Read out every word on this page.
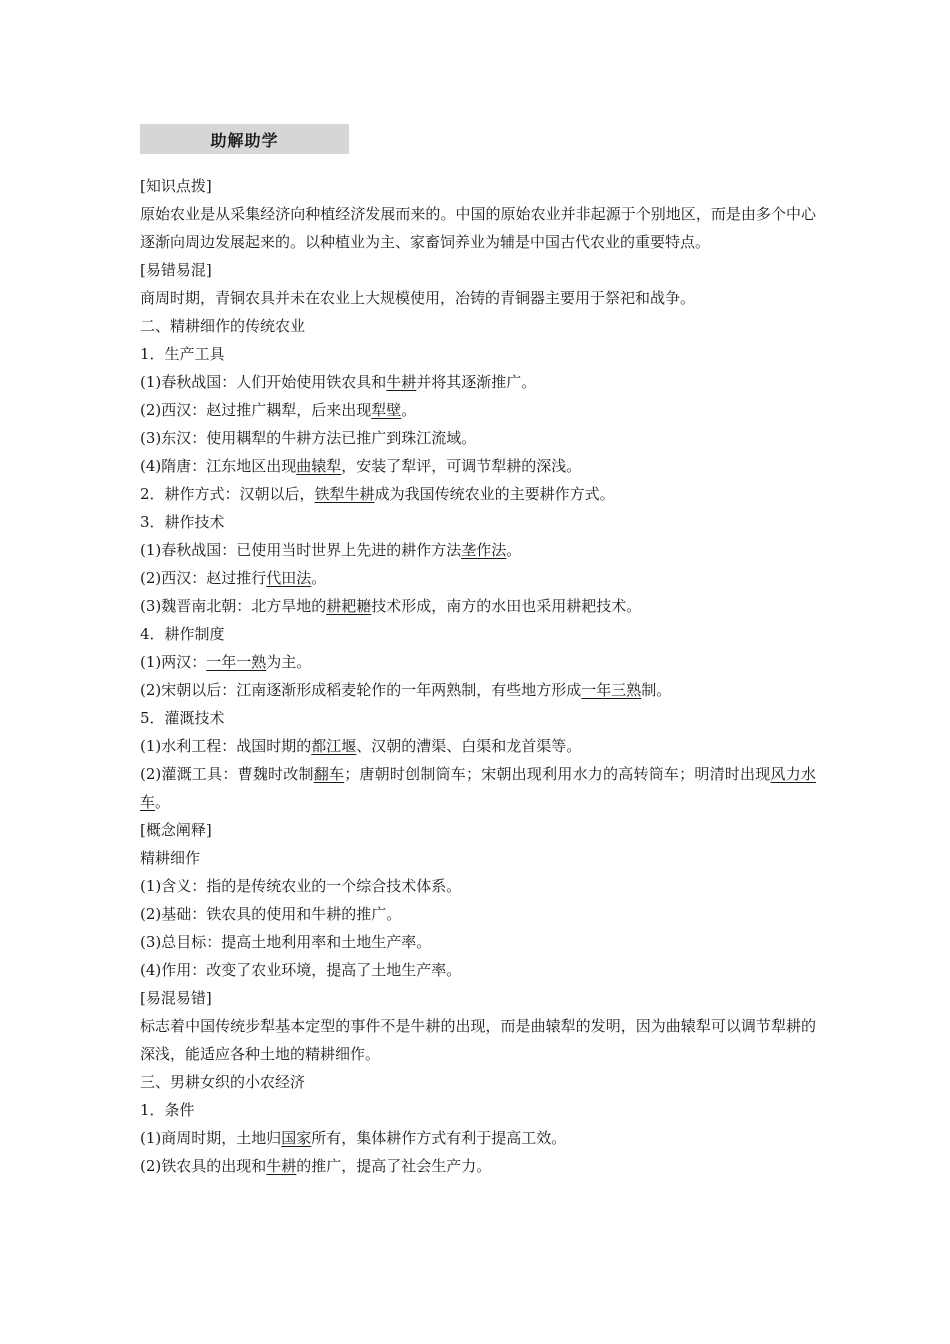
助解助学
[知识点拨]
原始农业是从采集经济向种植经济发展而来的。中国的原始农业并非起源于个别地区，而是由多个中心逐渐向周边发展起来的。以种植业为主、家畜饲养业为辅是中国古代农业的重要特点。
[易错易混]
商周时期，青铜农具并未在农业上大规模使用，冶铸的青铜器主要用于祭祀和战争。
二、精耕细作的传统农业
1．生产工具
(1)春秋战国：人们开始使用铁农具和牛耕并将其逐渐推广。
(2)西汉：赵过推广耦犁，后来出现犁壁。
(3)东汉：使用耦犁的牛耕方法已推广到珠江流域。
(4)隋唐：江东地区出现曲辕犁，安装了犁评，可调节犁耕的深浅。
2．耕作方式：汉朝以后，铁犁牛耕成为我国传统农业的主要耕作方式。
3．耕作技术
(1)春秋战国：已使用当时世界上先进的耕作方法垄作法。
(2)西汉：赵过推行代田法。
(3)魏晋南北朝：北方旱地的耕耙耱技术形成，南方的水田也采用耕耙技术。
4．耕作制度
(1)两汉：一年一熟为主。
(2)宋朝以后：江南逐渐形成稻麦轮作的一年两熟制，有些地方形成一年三熟制。
5．灌溉技术
(1)水利工程：战国时期的都江堰、汉朝的漕渠、白渠和龙首渠等。
(2)灌溉工具：曹魏时改制翻车；唐朝时创制筒车；宋朝出现利用水力的高转筒车；明清时出现风力水车。
[概念阐释]
精耕细作
(1)含义：指的是传统农业的一个综合技术体系。
(2)基础：铁农具的使用和牛耕的推广。
(3)总目标：提高土地利用率和土地生产率。
(4)作用：改变了农业环境，提高了土地生产率。
[易混易错]
标志着中国传统步犁基本定型的事件不是牛耕的出现，而是曲辕犁的发明，因为曲辕犁可以调节犁耕的深浅，能适应各种土地的精耕细作。
三、男耕女织的小农经济
1．条件
(1)商周时期，土地归国家所有，集体耕作方式有利于提高工效。
(2)铁农具的出现和牛耕的推广，提高了社会生产力。
